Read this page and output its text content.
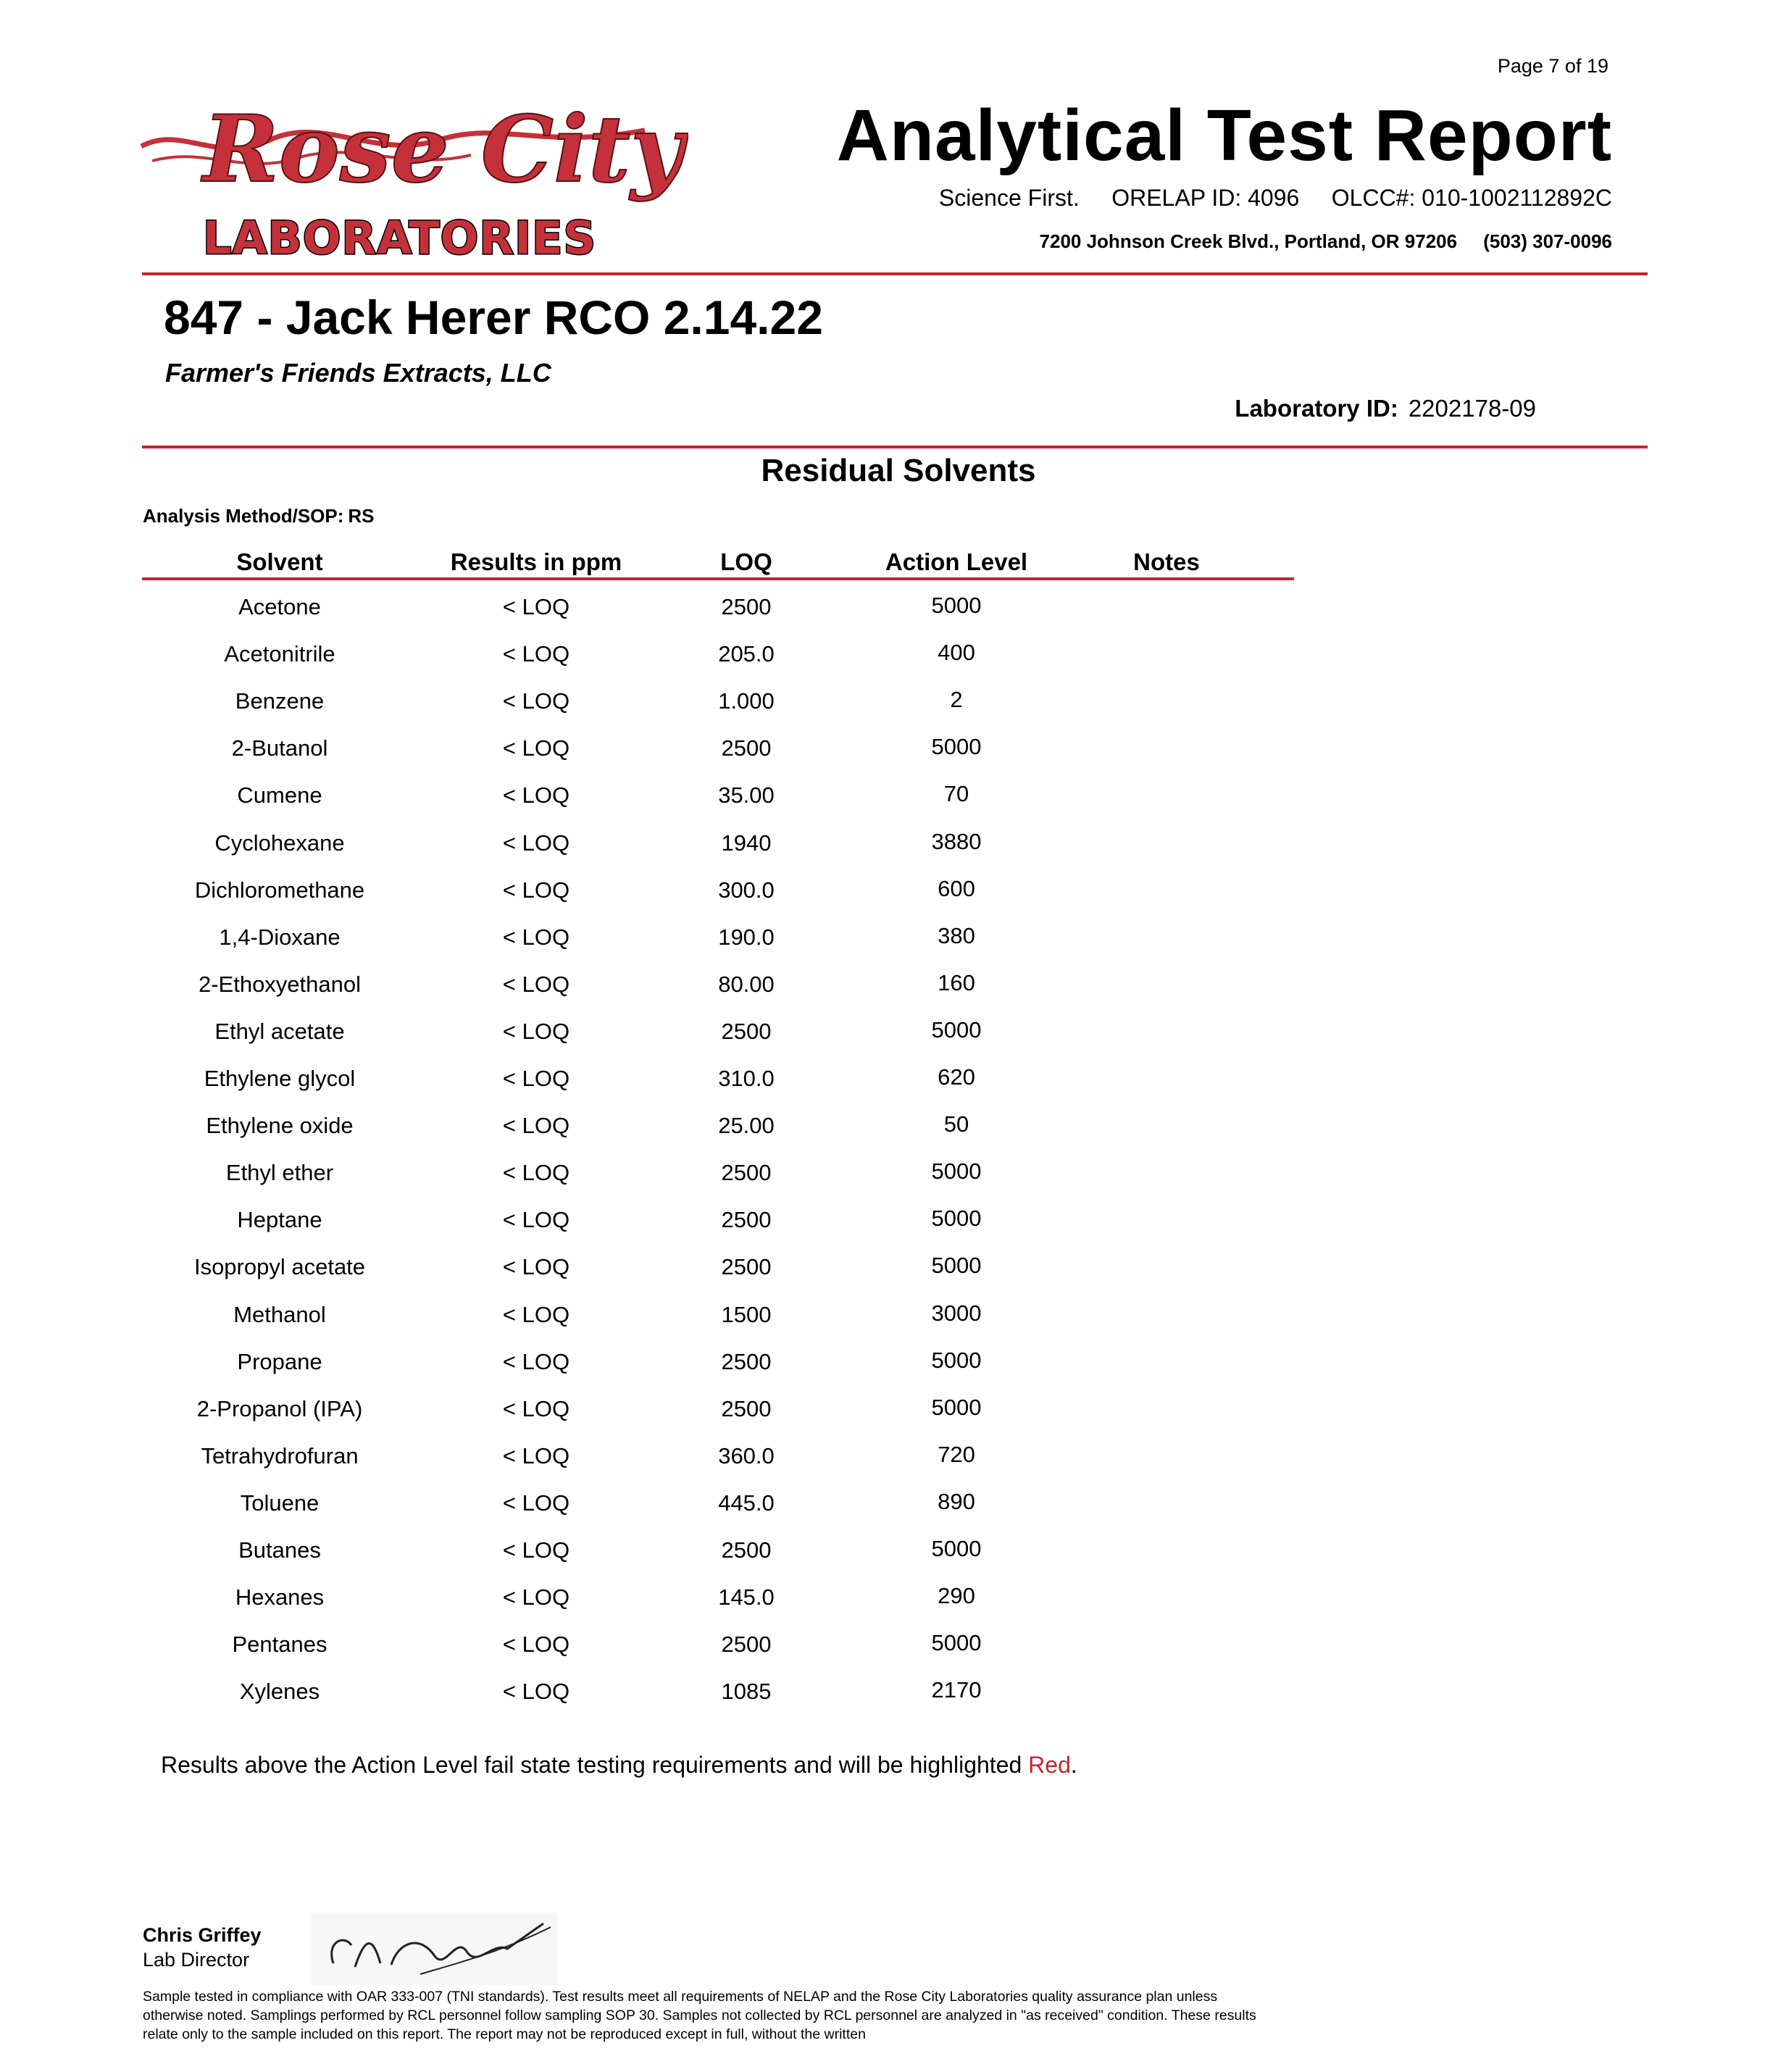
Page 7 of 19
Rose City
LABORATORIES
Analytical Test Report
Science First.     ORELAP ID: 4096     OLCC#: 010-1002112892C
7200 Johnson Creek Blvd., Portland, OR 97206     (503) 307-0096
847 - Jack Herer RCO 2.14.22
Farmer's Friends Extracts, LLC
Laboratory ID: 2202178-09
Residual Solvents
Analysis Method/SOP: RS
Solvent	Results in ppm	LOQ	Action Level	Notes
Acetone	< LOQ	2500	5000
Acetonitrile	< LOQ	205.0	400
Benzene	< LOQ	1.000	2
2-Butanol	< LOQ	2500	5000
Cumene	< LOQ	35.00	70
Cyclohexane	< LOQ	1940	3880
Dichloromethane	< LOQ	300.0	600
1,4-Dioxane	< LOQ	190.0	380
2-Ethoxyethanol	< LOQ	80.00	160
Ethyl acetate	< LOQ	2500	5000
Ethylene glycol	< LOQ	310.0	620
Ethylene oxide	< LOQ	25.00	50
Ethyl ether	< LOQ	2500	5000
Heptane	< LOQ	2500	5000
Isopropyl acetate	< LOQ	2500	5000
Methanol	< LOQ	1500	3000
Propane	< LOQ	2500	5000
2-Propanol (IPA)	< LOQ	2500	5000
Tetrahydrofuran	< LOQ	360.0	720
Toluene	< LOQ	445.0	890
Butanes	< LOQ	2500	5000
Hexanes	< LOQ	145.0	290
Pentanes	< LOQ	2500	5000
Xylenes	< LOQ	1085	2170
Results above the Action Level fail state testing requirements and will be highlighted Red.
Chris Griffey
Lab Director
Sample tested in compliance with OAR 333-007 (TNI standards). Test results meet all requirements of NELAP and the Rose City Laboratories quality assurance plan unless otherwise noted. Samplings performed by RCL personnel follow sampling SOP 30. Samples not collected by RCL personnel are analyzed in "as received" condition. These results relate only to the sample included on this report. The report may not be reproduced except in full, without the written
